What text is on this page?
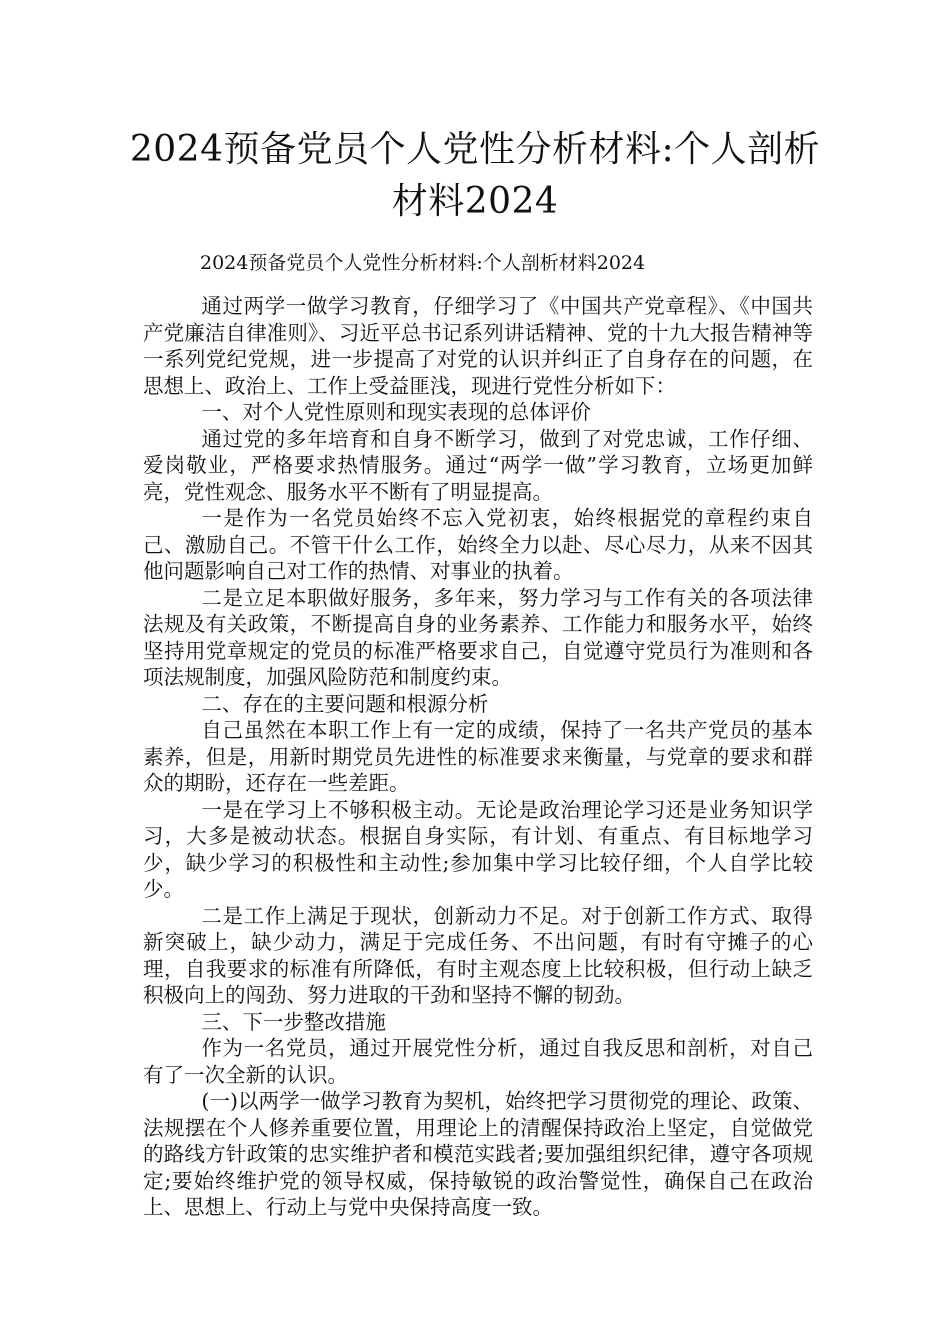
2024预备党员个人党性分析材料:个人剖析材料2024

2024预备党员个人党性分析材料:个人剖析材料2024

通过两学一做学习教育，仔细学习了《中国共产党章程》、《中国共产党廉洁自律准则》、习近平总书记系列讲话精神、党的十九大报告精神等一系列党纪党规，进一步提高了对党的认识并纠正了自身存在的问题，在思想上、政治上、工作上受益匪浅，现进行党性分析如下：

一、对个人党性原则和现实表现的总体评价

通过党的多年培育和自身不断学习，做到了对党忠诚，工作仔细、爱岗敬业，严格要求热情服务。通过“两学一做”学习教育，立场更加鲜亮，党性观念、服务水平不断有了明显提高。

一是作为一名党员始终不忘入党初衷，始终根据党的章程约束自己、激励自己。不管干什么工作，始终全力以赴、尽心尽力，从来不因其他问题影响自己对工作的热情、对事业的执着。

二是立足本职做好服务，多年来，努力学习与工作有关的各项法律法规及有关政策，不断提高自身的业务素养、工作能力和服务水平，始终坚持用党章规定的党员的标准严格要求自己，自觉遵守党员行为准则和各项法规制度，加强风险防范和制度约束。

二、存在的主要问题和根源分析

自己虽然在本职工作上有一定的成绩，保持了一名共产党员的基本素养，但是，用新时期党员先进性的标准要求来衡量，与党章的要求和群众的期盼，还存在一些差距。

一是在学习上不够积极主动。无论是政治理论学习还是业务知识学习，大多是被动状态。根据自身实际，有计划、有重点、有目标地学习少，缺少学习的积极性和主动性;参加集中学习比较仔细，个人自学比较少。

二是工作上满足于现状，创新动力不足。对于创新工作方式、取得新突破上，缺少动力，满足于完成任务、不出问题，有时有守摊子的心理，自我要求的标准有所降低，有时主观态度上比较积极，但行动上缺乏积极向上的闯劲、努力进取的干劲和坚持不懈的韧劲。

三、下一步整改措施

作为一名党员，通过开展党性分析，通过自我反思和剖析，对自己有了一次全新的认识。

(一)以两学一做学习教育为契机，始终把学习贯彻党的理论、政策、法规摆在个人修养重要位置，用理论上的清醒保持政治上坚定，自觉做党的路线方针政策的忠实维护者和模范实践者;要加强组织纪律，遵守各项规定;要始终维护党的领导权威，保持敏锐的政治警觉性，确保自己在政治上、思想上、行动上与党中央保持高度一致。
